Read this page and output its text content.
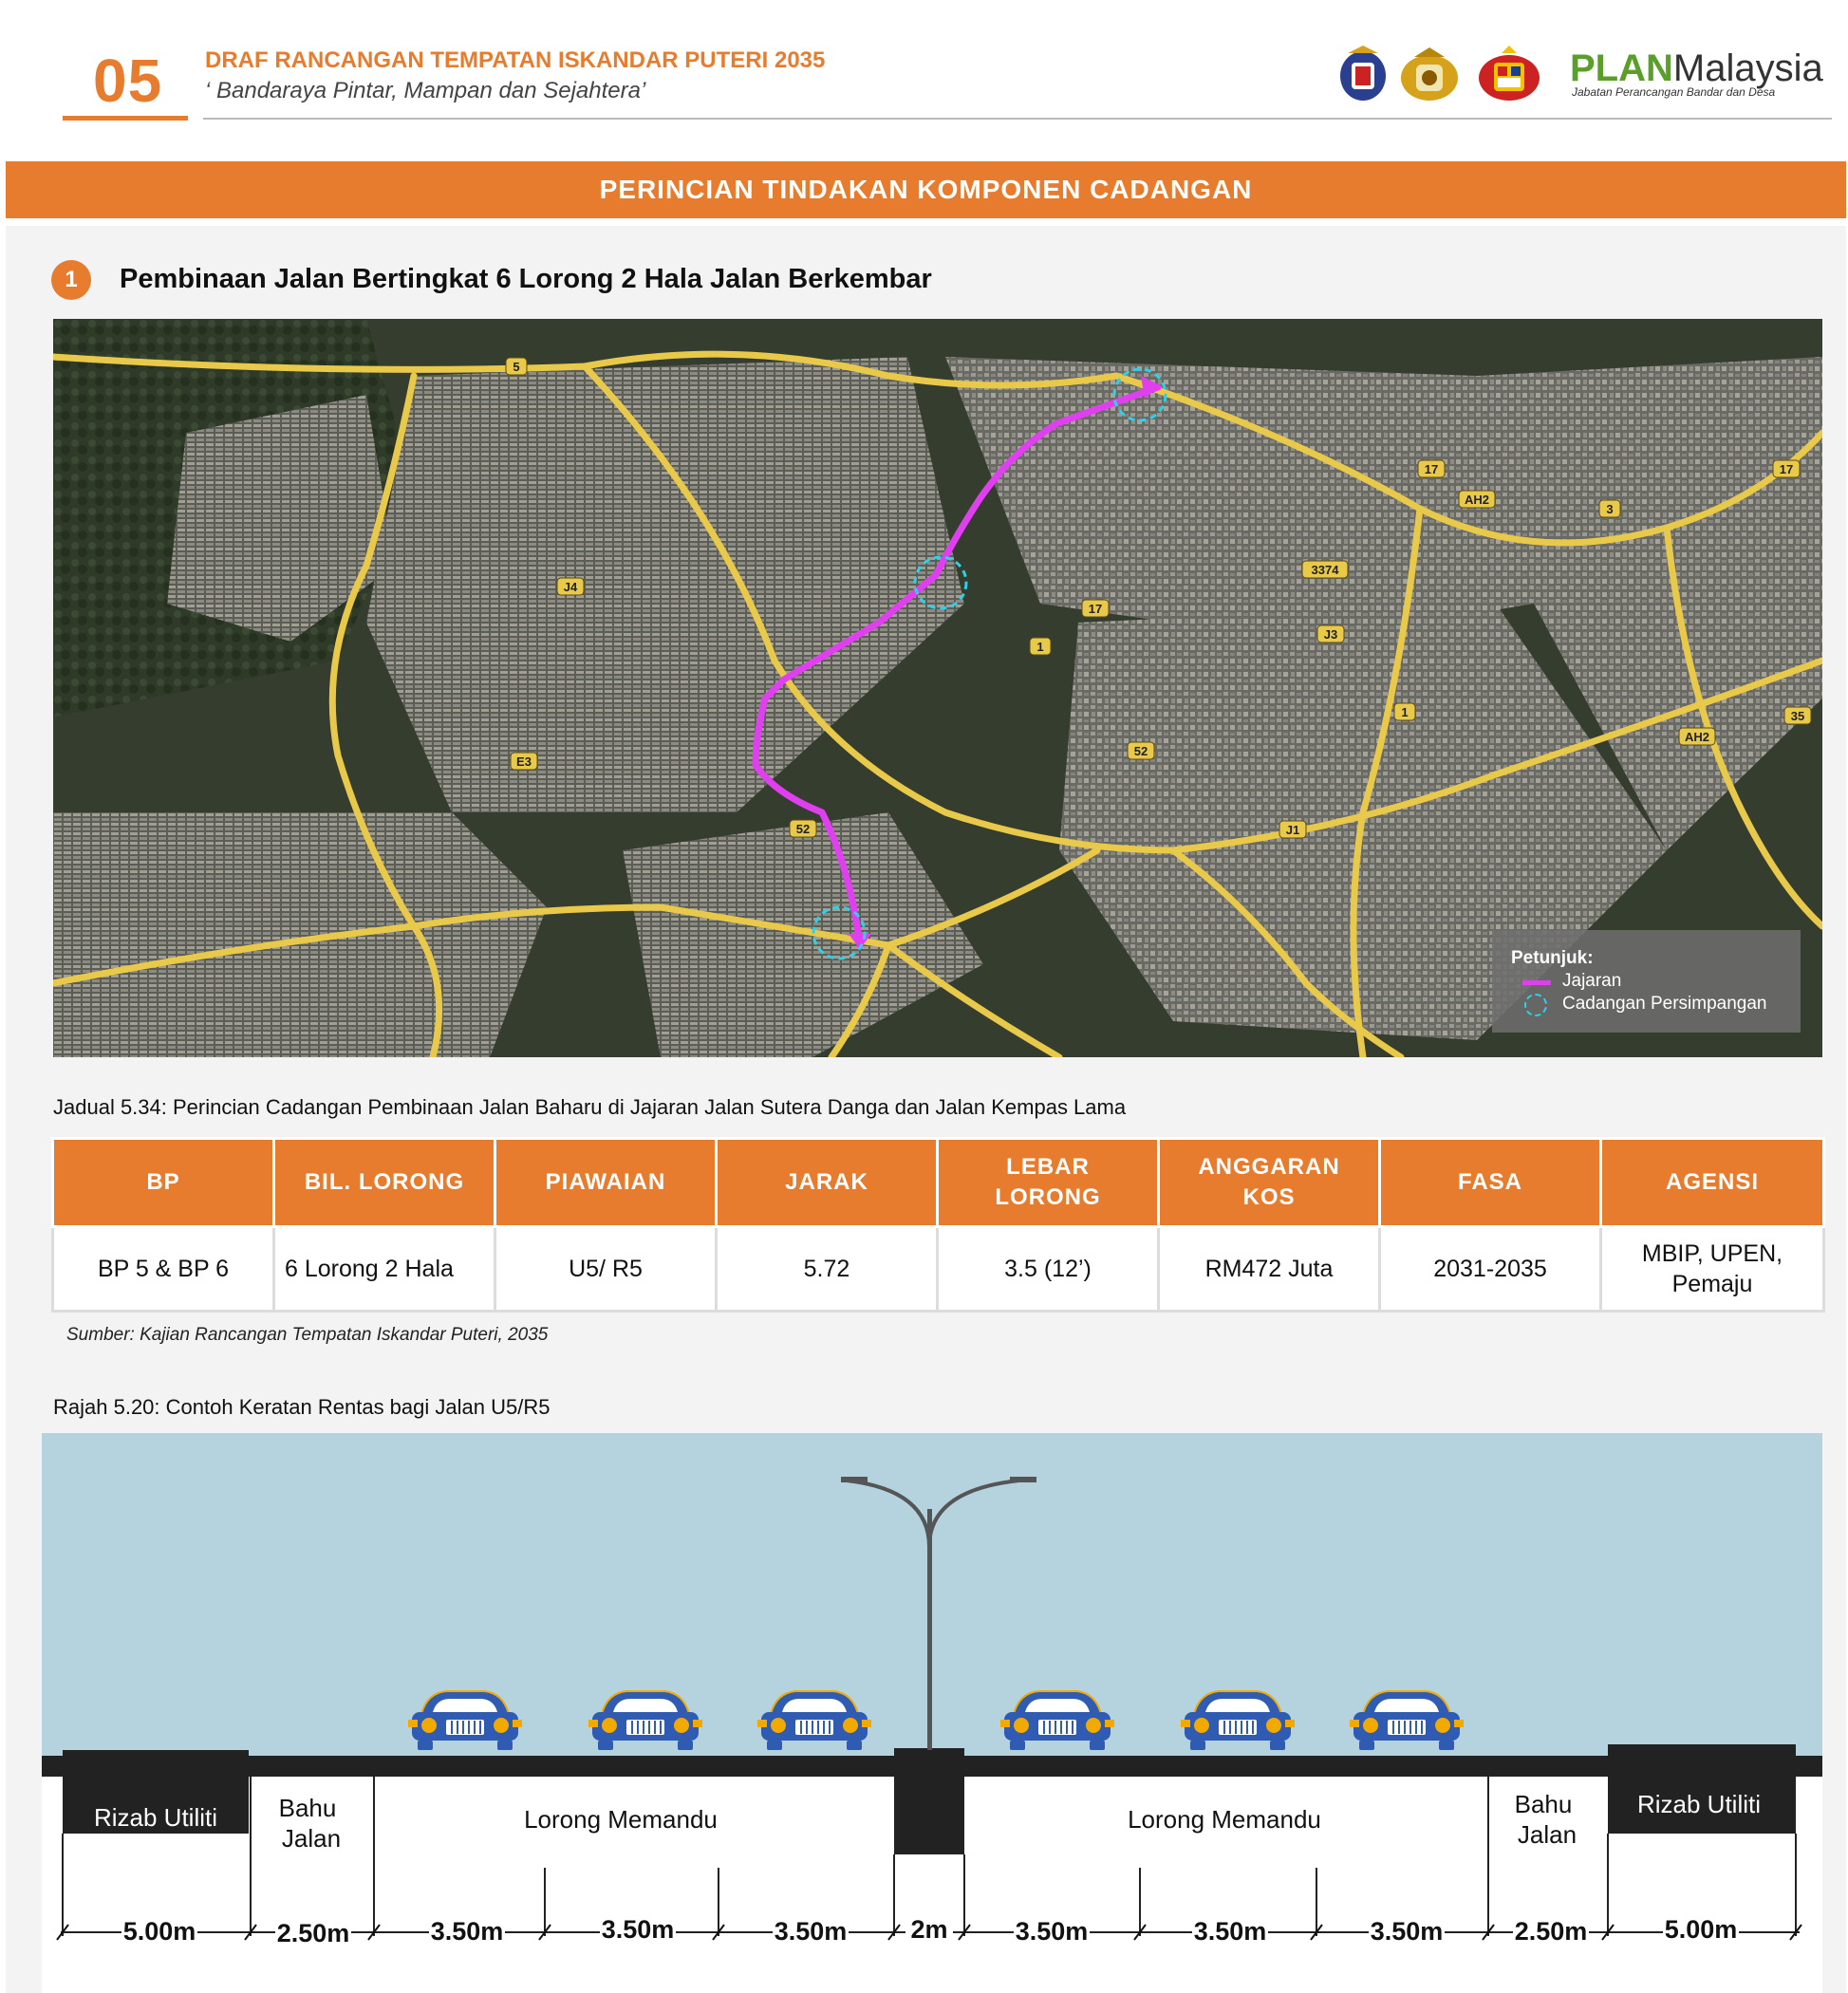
05 DRAF RANCANGAN TEMPATAN ISKANDAR PUTERI 2035
‘ Bandaraya Pintar, Mampan dan Sejahtera’
PLANMalaysia
Jabatan Perancangan Bandar dan Desa
PERINCIAN TINDAKAN KOMPONEN CADANGAN
1	Pembinaan Jalan Bertingkat 6 Lorong 2 Hala Jalan Berkembar
5
17	17
AH2
3
3374
J4
17
1
J3
35
AH2
1
52
E3
52	J1
Petunjuk:
Jajaran
Cadangan Persimpangan
Jadual 5.34: Perincian Cadangan Pembinaan Jalan Baharu di Jajaran Jalan Sutera Danga dan Jalan Kempas Lama
BP	BIL. LORONG	PIAWAIAN	JARAK	LEBAR LORONG	ANGGARAN KOS	FASA	AGENSI
BP 5 & BP 6	6 Lorong 2 Hala	U5/ R5	5.72	3.5 (12’)	RM472 Juta	2031-2035	MBIP, UPEN, Pemaju
Sumber: Kajian Rancangan Tempatan Iskandar Puteri, 2035
Rajah 5.20: Contoh Keratan Rentas bagi Jalan U5/R5
Rizab Utiliti Bahu
Jalan
Lorong Memandu	Lorong Memandu
Bahu
Jalan
Rizab Utiliti
5.00m	2.50m	3.50m	3.50m	3.50m 2m	3.50m	3.50m	3.50m	2.50m	5.00m
